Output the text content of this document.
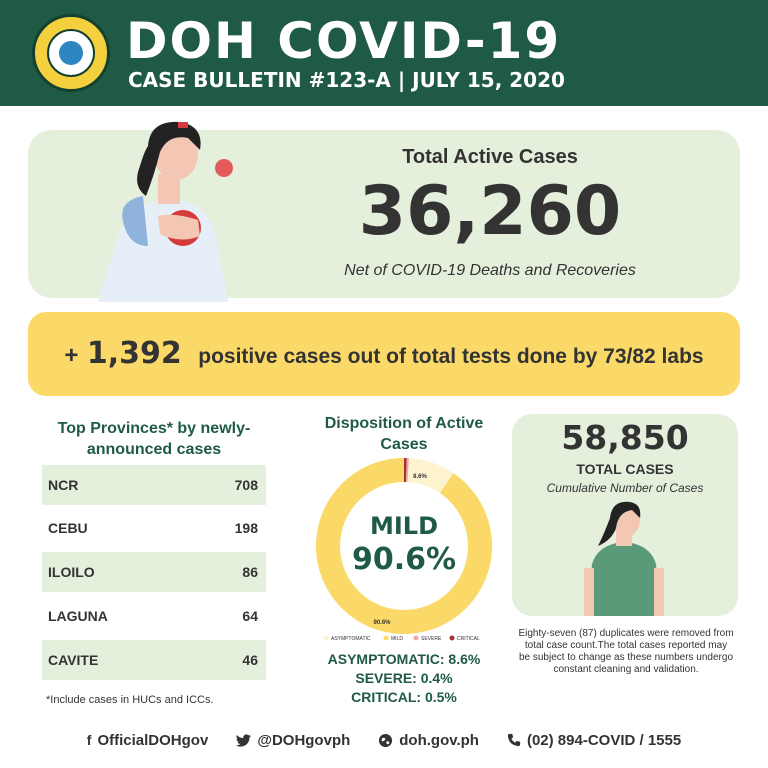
DOH COVID-19
CASE BULLETIN #123-A | JULY 15, 2020
Total Active Cases
36,260
Net of COVID-19 Deaths and Recoveries
+ 1,392 positive cases out of total tests done by 73/82 labs
Top Provinces* by newly-announced cases
NCR	708
CEBU	198
ILOILO	86
LAGUNA	64
CAVITE	46
*Include cases in HUCs and ICCs.
Disposition of Active Cases
MILD
90.6%
8.6%
90.6%
ASYMPTOMATIC	MILD	SEVERE	CRITICAL
ASYMPTOMATIC: 8.6%
SEVERE: 0.4%
CRITICAL: 0.5%
58,850
TOTAL CASES
Cumulative Number of Cases
Eighty-seven (87) duplicates were removed from total case count.The total cases reported may be subject to change as these numbers undergo constant cleaning and validation.
f OfficialDOHgov	@DOHgovph	doh.gov.ph	(02) 894-COVID / 1555
